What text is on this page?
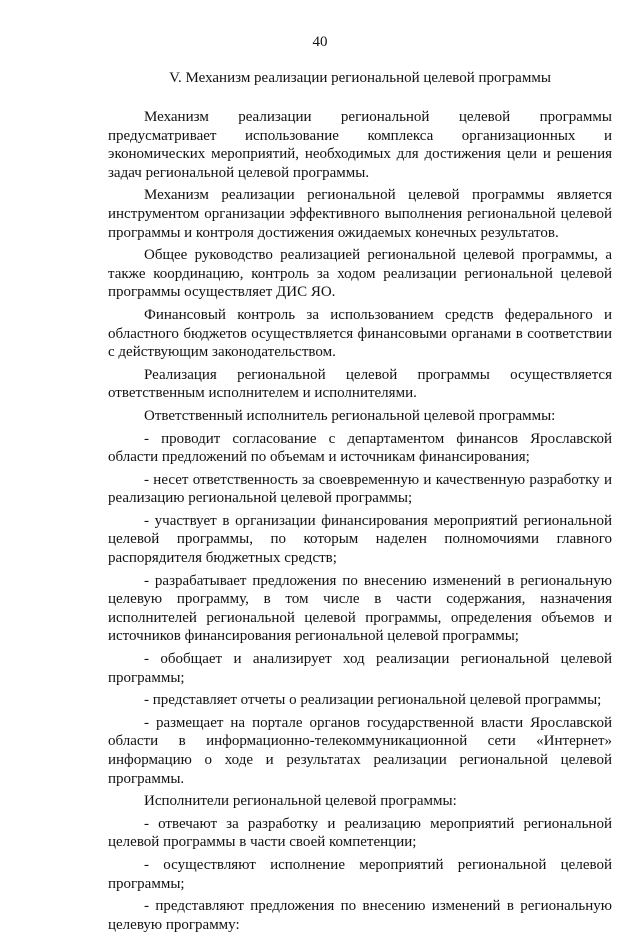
40
V. Механизм реализации региональной целевой программы

Механизм реализации региональной целевой программы предусматривает использование комплекса организационных и экономических мероприятий, необходимых для достижения цели и решения задач региональной целевой программы.

Механизм реализации региональной целевой программы является инструментом организации эффективного выполнения региональной целевой программы и контроля достижения ожидаемых конечных результатов.

Общее руководство реализацией региональной целевой программы, а также координацию, контроль за ходом реализации региональной целевой программы осуществляет ДИС ЯО.

Финансовый контроль за использованием средств федерального и областного бюджетов осуществляется финансовыми органами в соответствии с действующим законодательством.

Реализация региональной целевой программы осуществляется ответственным исполнителем и исполнителями.

Ответственный исполнитель региональной целевой программы:

- проводит согласование с департаментом финансов Ярославской области предложений по объемам и источникам финансирования;

- несет ответственность за своевременную и качественную разработку и реализацию региональной целевой программы;

- участвует в организации финансирования мероприятий региональной целевой программы, по которым наделен полномочиями главного распорядителя бюджетных средств;

- разрабатывает предложения по внесению изменений в региональную целевую программу, в том числе в части содержания, назначения исполнителей региональной целевой программы, определения объемов и источников финансирования региональной целевой программы;

- обобщает и анализирует ход реализации региональной целевой программы;

- представляет отчеты о реализации региональной целевой программы;

- размещает на портале органов государственной власти Ярославской области в информационно-телекоммуникационной сети «Интернет» информацию о ходе и результатах реализации региональной целевой программы.

Исполнители региональной целевой программы:

- отвечают за разработку и реализацию мероприятий региональной целевой программы в части своей компетенции;

- осуществляют исполнение мероприятий региональной целевой программы;

- представляют предложения по внесению изменений в региональную целевую программу:
